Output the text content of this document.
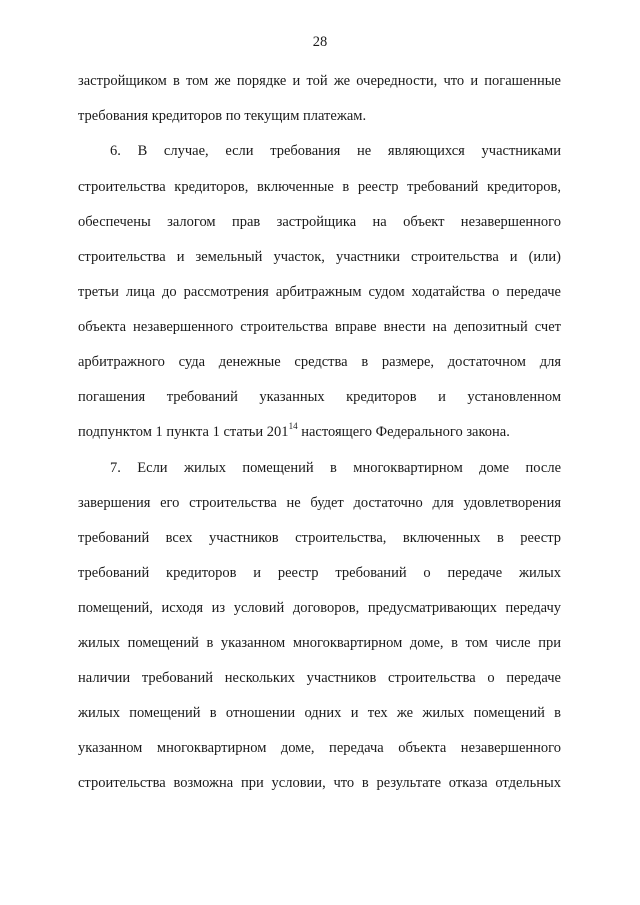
28
застройщиком в том же порядке и той же очередности, что и погашенные
требования кредиторов по текущим платежам.
6. В случае, если требования не являющихся участниками
строительства кредиторов, включенные в реестр требований кредиторов,
обеспечены залогом прав застройщика на объект незавершенного
строительства и земельный участок, участники строительства и (или)
третьи лица до рассмотрения арбитражным судом ходатайства о передаче
объекта незавершенного строительства вправе внести на депозитный счет
арбитражного суда денежные средства в размере, достаточном для
погашения требований указанных кредиторов и установленном
подпунктом 1 пункта 1 статьи $201^{14}$ настоящего Федерального закона.
7. Если жилых помещений в многоквартирном доме после
завершения его строительства не будет достаточно для удовлетворения
требований всех участников строительства, включенных в реестр
требований кредиторов и реестр требований о передаче жилых
помещений, исходя из условий договоров, предусматривающих передачу
жилых помещений в указанном многоквартирном доме, в том числе при
наличии требований нескольких участников строительства о передаче
жилых помещений в отношении одних и тех же жилых помещений в
указанном многоквартирном доме, передача объекта незавершенного
строительства возможна при условии, что в результате отказа отдельных
